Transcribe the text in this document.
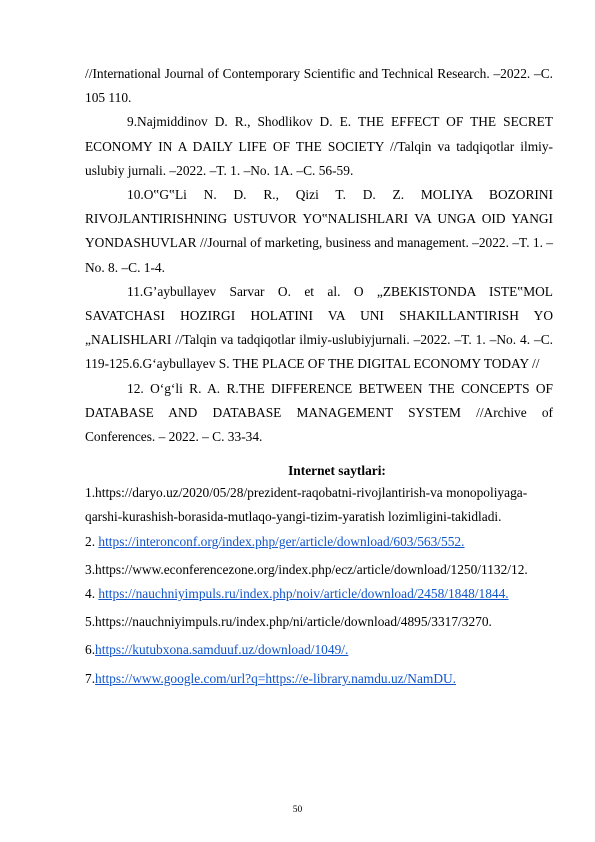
//International Journal of Contemporary Scientific and Technical Research. –2022. –C. 105 110.

9.Najmiddinov D. R., Shodlikov D. E. THE EFFECT OF THE SECRET ECONOMY IN A DAILY LIFE OF THE SOCIETY //Talqin va tadqiqotlar ilmiy-uslubiy jurnali. –2022. –T. 1. –No. 1A. –C. 56-59.

10.O‟G‟Li N. D. R., Qizi T. D. Z. MOLIYA BOZORINI RIVOJLANTIRISHNING USTUVOR YO‟NALISHLARI VA UNGA OID YANGI YONDASHUVLAR //Journal of marketing, business and management. –2022. –T. 1. –No. 8. –C. 1-4.

11.G’aybullayev Sarvar O. et al. O „ZBEKISTONDA ISTE‟MOL SAVATCHASI HOZIRGI HOLATINI VA UNI SHAKILLANTIRISH YO „NALISHLARI //Talqin va tadqiqotlar ilmiy-uslubiyjurnali. –2022. –T. 1. –No. 4. –C. 119-125.6.G‘aybullayev S. THE PLACE OF THE DIGITAL ECONOMY TODAY //

12. O‘g‘li R. A. R.THE DIFFERENCE BETWEEN THE CONCEPTS OF DATABASE AND DATABASE MANAGEMENT SYSTEM //Archive of Conferences. – 2022. – C. 33-34.

Internet saytlari:

1.https://daryo.uz/2020/05/28/prezident-raqobatni-rivojlantirish-va monopoliyaga-

qarshi-kurashish-borasida-mutlaqo-yangi-tizim-yaratish lozimligini-takidladi.

2. https://interonconf.org/index.php/ger/article/download/603/563/552.

3.https://www.econferencezone.org/index.php/ecz/article/download/1250/1132/12.

4. https://nauchniyimpuls.ru/index.php/noiv/article/download/2458/1848/1844.

5.https://nauchniyimpuls.ru/index.php/ni/article/download/4895/3317/3270.

6.https://kutubxona.samduuf.uz/download/1049/.

7.https://www.google.com/url?q=https://e-library.namdu.uz/NamDU.

50
